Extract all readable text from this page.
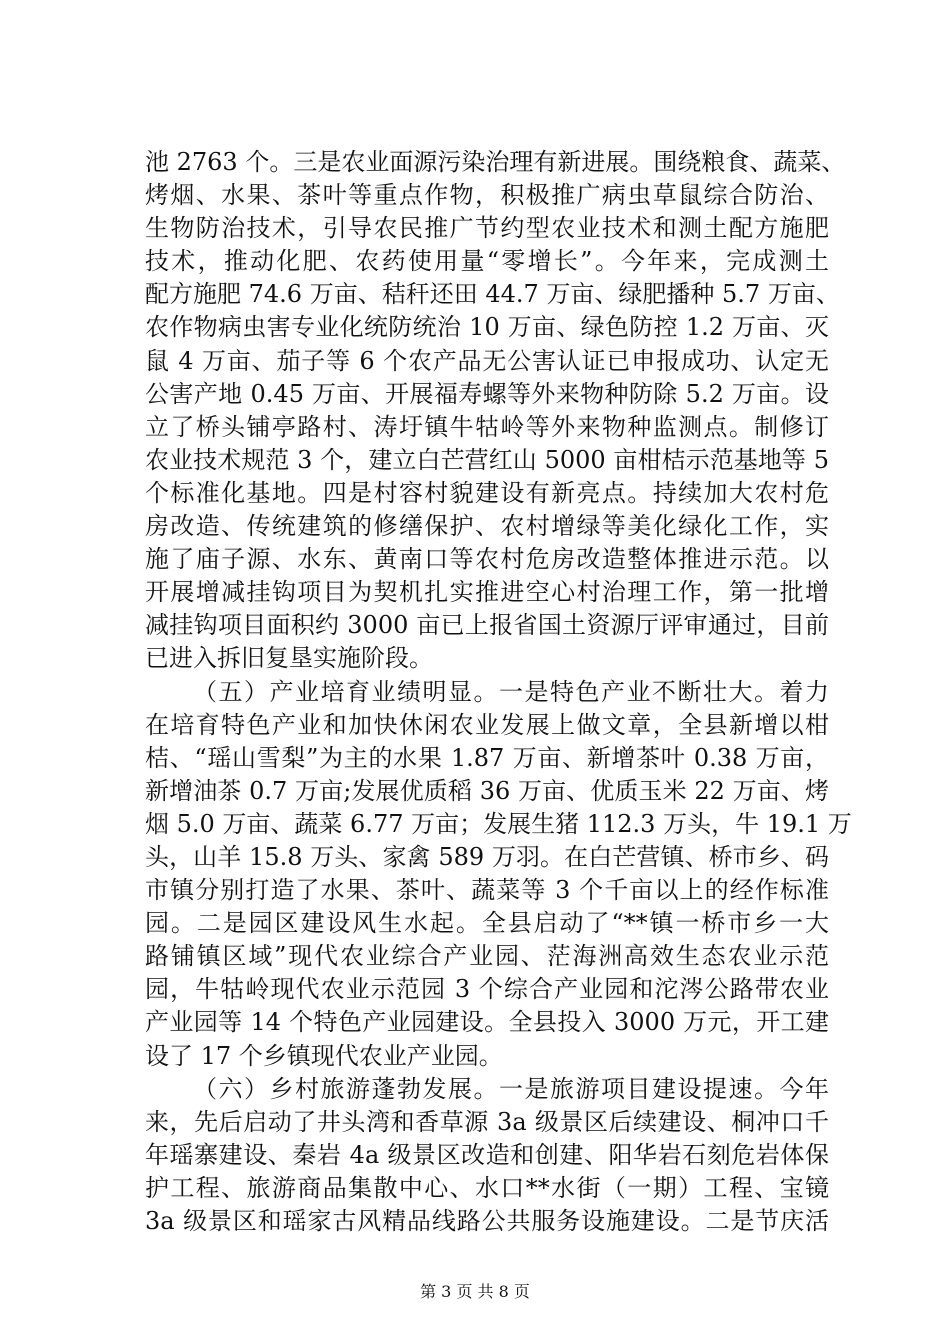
池 2763 个。三是农业面源污染治理有新进展。围绕粮食、蔬菜、
烤烟、水果、茶叶等重点作物，积极推广病虫草鼠综合防治、
生物防治技术，引导农民推广节约型农业技术和测土配方施肥
技术，推动化肥、农药使用量“零增长”。今年来，完成测土
配方施肥 74.6 万亩、秸秆还田 44.7 万亩、绿肥播种 5.7 万亩、
农作物病虫害专业化统防统治 10 万亩、绿色防控 1.2 万亩、灭
鼠 4 万亩、茄子等 6 个农产品无公害认证已申报成功、认定无
公害产地 0.45 万亩、开展福寿螺等外来物种防除 5.2 万亩。设
立了桥头铺亭路村、涛圩镇牛牯岭等外来物种监测点。制修订
农业技术规范 3 个，建立白芒营红山 5000 亩柑桔示范基地等 5
个标准化基地。四是村容村貌建设有新亮点。持续加大农村危
房改造、传统建筑的修缮保护、农村增绿等美化绿化工作，实
施了庙子源、水东、黄南口等农村危房改造整体推进示范。以
开展增减挂钩项目为契机扎实推进空心村治理工作，第一批增
减挂钩项目面积约 3000 亩已上报省国土资源厅评审通过，目前
已进入拆旧复垦实施阶段。
（五）产业培育业绩明显。一是特色产业不断壮大。着力
在培育特色产业和加快休闲农业发展上做文章，全县新增以柑
桔、“瑶山雪梨”为主的水果 1.87 万亩、新增茶叶 0.38 万亩，
新增油茶 0.7 万亩;发展优质稻 36 万亩、优质玉米 22 万亩、烤
烟 5.0 万亩、蔬菜 6.77 万亩；发展生猪 112.3 万头，牛 19.1 万
头，山羊 15.8 万头、家禽 589 万羽。在白芒营镇、桥市乡、码
市镇分别打造了水果、茶叶、蔬菜等 3 个千亩以上的经作标准
园。二是园区建设风生水起。全县启动了“**镇一桥市乡一大
路铺镇区域”现代农业综合产业园、茫海洲高效生态农业示范
园，牛牯岭现代农业示范园 3 个综合产业园和沱涔公路带农业
产业园等 14 个特色产业园建设。全县投入 3000 万元，开工建
设了 17 个乡镇现代农业产业园。
（六）乡村旅游蓬勃发展。一是旅游项目建设提速。今年
来，先后启动了井头湾和香草源 3a 级景区后续建设、桐冲口千
年瑶寨建设、秦岩 4a 级景区改造和创建、阳华岩石刻危岩体保
护工程、旅游商品集散中心、水口**水街（一期）工程、宝镜
3a 级景区和瑶家古风精品线路公共服务设施建设。二是节庆活
第 3 页 共 8 页
